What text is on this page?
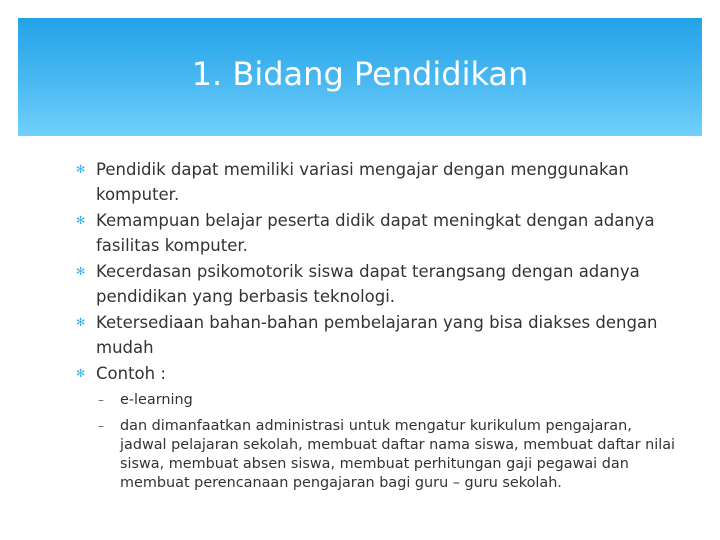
1. Bidang Pendidikan
✻ Pendidik dapat memiliki variasi mengajar dengan menggunakan komputer.
✻ Kemampuan belajar peserta didik dapat meningkat dengan adanya fasilitas komputer.
✻ Kecerdasan psikomotorik siswa dapat terangsang dengan adanya pendidikan yang berbasis teknologi.
✻ Ketersediaan bahan-bahan pembelajaran yang bisa diakses dengan mudah
✻ Contoh :
– e-learning
– dan dimanfaatkan administrasi untuk mengatur kurikulum pengajaran, jadwal pelajaran sekolah, membuat daftar nama siswa, membuat daftar nilai siswa, membuat absen siswa, membuat perhitungan gaji pegawai dan membuat perencanaan pengajaran bagi guru – guru sekolah.
